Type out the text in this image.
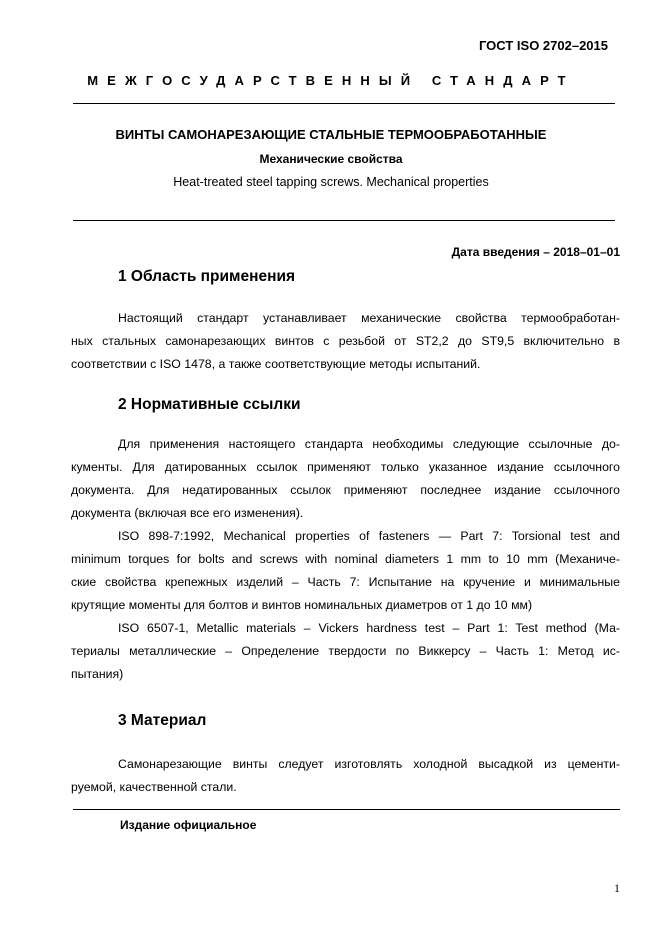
ГОСТ ISO 2702–2015
МЕЖГОСУДАРСТВЕННЫЙ СТАНДАРТ
ВИНТЫ САМОНАРЕЗАЮЩИЕ СТАЛЬНЫЕ ТЕРМООБРАБОТАННЫЕ
Механические свойства
Heat-treated steel tapping screws. Mechanical properties
Дата введения – 2018–01–01
1 Область применения
Настоящий стандарт устанавливает механические свойства термообработан-
ных стальных самонарезающих винтов с резьбой от ST2,2 до ST9,5 включительно в
соответствии с ISO 1478, а также соответствующие методы испытаний.
2 Нормативные ссылки
Для применения настоящего стандарта необходимы следующие ссылочные до-
кументы. Для датированных ссылок применяют только указанное издание ссылочного
документа. Для недатированных ссылок применяют последнее издание ссылочного
документа (включая все его изменения).
ISO 898-7:1992, Mechanical properties of fasteners — Part 7: Torsional test and
minimum torques for bolts and screws with nominal diameters 1 mm to 10 mm (Механиче-
ские свойства крепежных изделий – Часть 7: Испытание на кручение и минимальные
крутящие моменты для болтов и винтов номинальных диаметров от 1 до 10 мм)
ISO 6507-1, Metallic materials – Vickers hardness test – Part 1: Test method (Ма-
териалы металлические – Определение твердости по Виккерсу – Часть 1: Метод ис-
пытания)
3 Материал
Самонарезающие винты следует изготовлять холодной высадкой из цементи-
руемой, качественной стали.
Издание официальное
1
